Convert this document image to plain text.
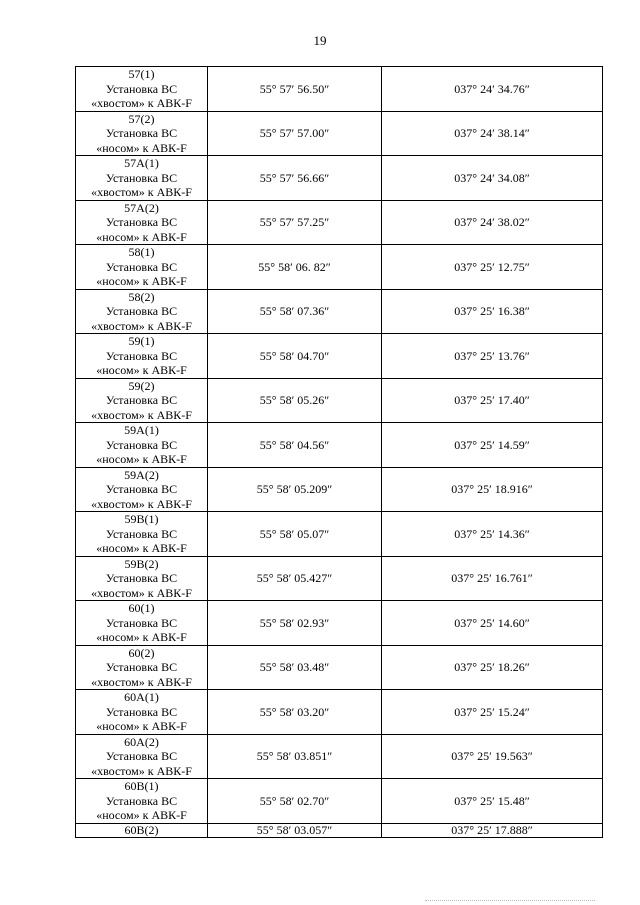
19
57(1)
Установка ВС
«хвостом» к АВК-F	55° 57′ 56.50″	037° 24′ 34.76″

57(2)
Установка ВС
«носом» к АВК-F	55° 57′ 57.00″	037° 24′ 38.14″

57А(1)
Установка ВС
«хвостом» к АВК-F	55° 57′ 56.66″	037° 24′ 34.08″

57А(2)
Установка ВС
«носом» к АВК-F	55° 57′ 57.25″	037° 24′ 38.02″

58(1)
Установка ВС
«носом» к АВК-F	55° 58′ 06. 82″	037° 25′ 12.75″

58(2)
Установка ВС
«хвостом» к АВК-F	55° 58′ 07.36″	037° 25′ 16.38″

59(1)
Установка ВС
«носом» к АВК-F	55° 58′ 04.70″	037° 25′ 13.76″

59(2)
Установка ВС
«хвостом» к АВК-F	55° 58′ 05.26″	037° 25′ 17.40″

59А(1)
Установка ВС
«носом» к АВК-F	55° 58′ 04.56″	037° 25′ 14.59″

59А(2)
Установка ВС
«хвостом» к АВК-F	55° 58′ 05.209″	037° 25′ 18.916″

59В(1)
Установка ВС
«носом» к АВК-F	55° 58′ 05.07″	037° 25′ 14.36″

59В(2)
Установка ВС
«хвостом» к АВК-F	55° 58′ 05.427″	037° 25′ 16.761″

60(1)
Установка ВС
«носом» к АВК-F	55° 58′ 02.93″	037° 25′ 14.60″

60(2)
Установка ВС
«хвостом» к АВК-F	55° 58′ 03.48″	037° 25′ 18.26″

60А(1)
Установка ВС
«носом» к АВК-F	55° 58′ 03.20″	037° 25′ 15.24″

60А(2)
Установка ВС
«хвостом» к АВК-F	55° 58′ 03.851″	037° 25′ 19.563″

60В(1)
Установка ВС
«носом» к АВК-F	55° 58′ 02.70″	037° 25′ 15.48″

60В(2)	55° 58′ 03.057″	037° 25′ 17.888″
